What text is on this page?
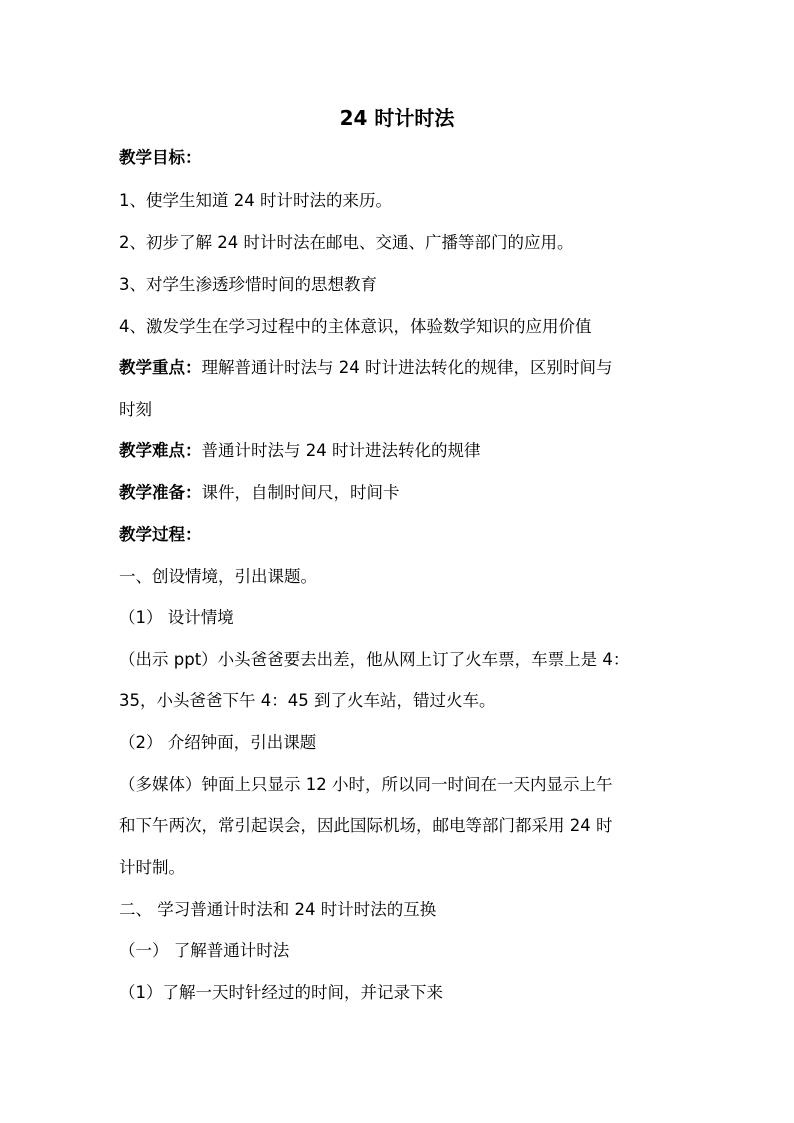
24 时计时法
教学目标：
1、使学生知道 24 时计时法的来历。
2、初步了解 24 时计时法在邮电、交通、广播等部门的应用。
3、对学生渗透珍惜时间的思想教育
4、激发学生在学习过程中的主体意识，体验数学知识的应用价值
教学重点：理解普通计时法与 24 时计进法转化的规律，区别时间与
时刻
教学难点：普通计时法与 24 时计进法转化的规律
教学准备：课件，自制时间尺，时间卡
教学过程：
一、创设情境，引出课题。
（1） 设计情境
（出示 ppt）小头爸爸要去出差，他从网上订了火车票，车票上是 4：
35，小头爸爸下午 4：45 到了火车站，错过火车。
（2） 介绍钟面，引出课题
（多媒体）钟面上只显示 12 小时，所以同一时间在一天内显示上午
和下午两次，常引起误会，因此国际机场，邮电等部门都采用 24 时
计时制。
二、 学习普通计时法和 24 时计时法的互换
（一） 了解普通计时法
（1）了解一天时针经过的时间，并记录下来
